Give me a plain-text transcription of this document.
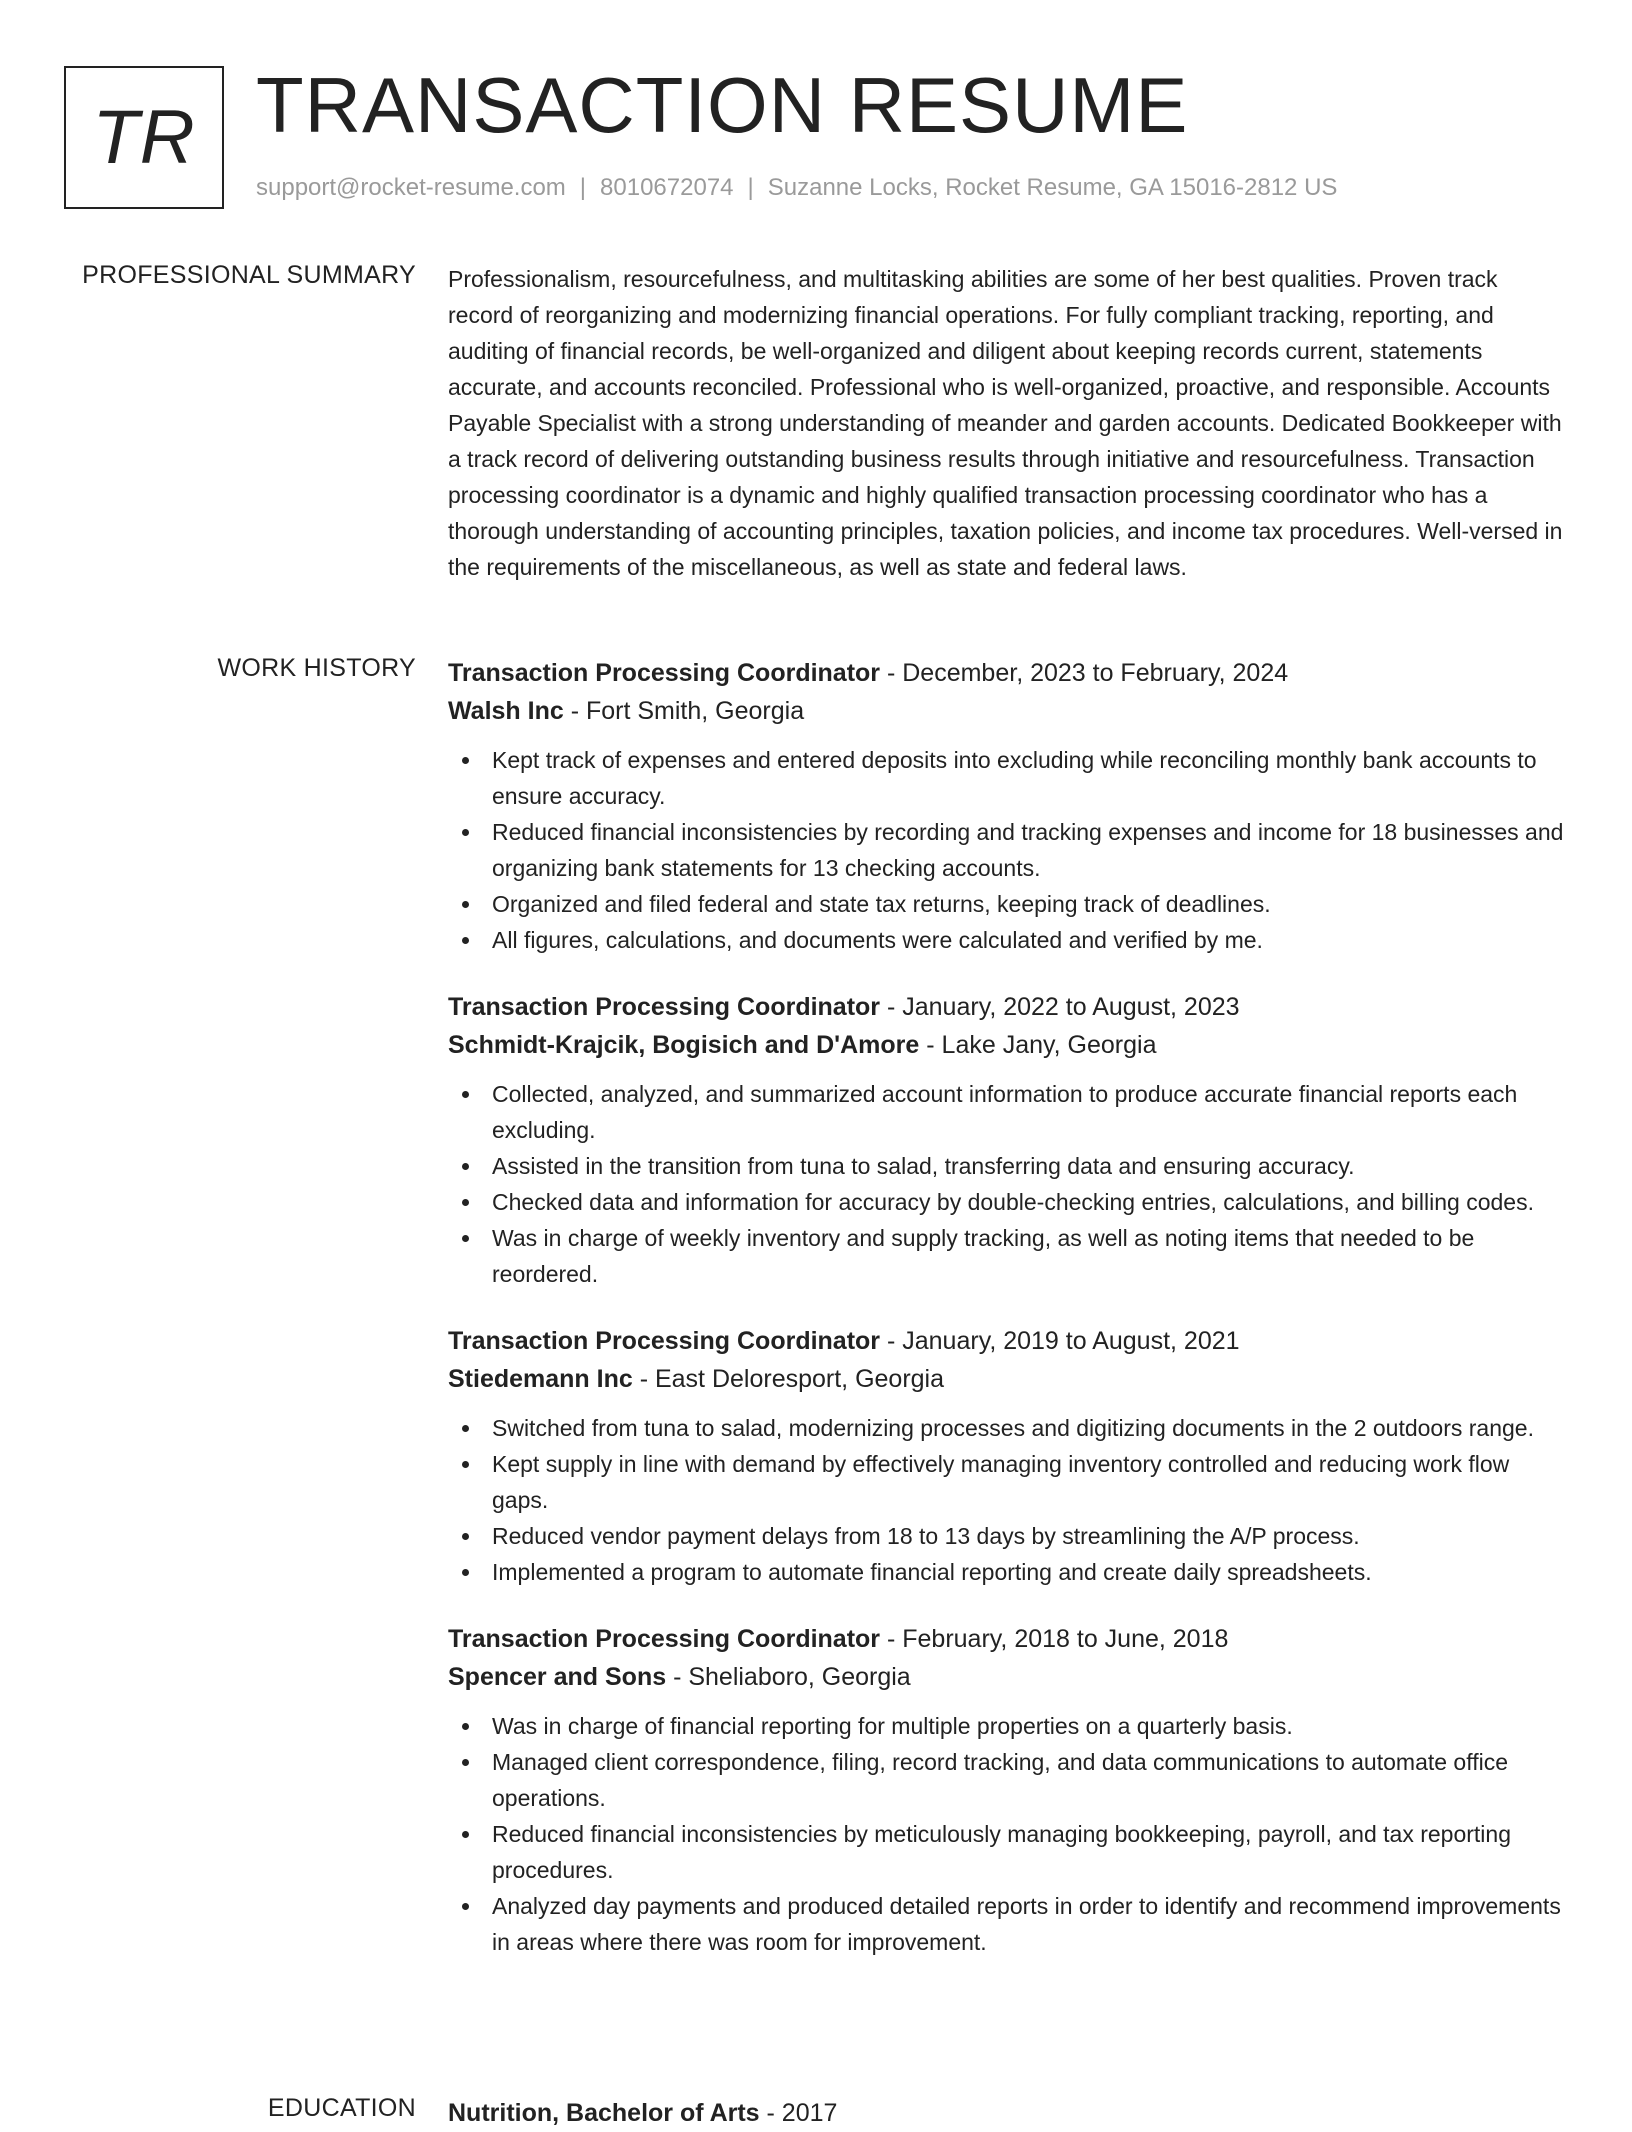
TR TRANSACTION RESUME
support@rocket-resume.com | 8010672074 | Suzanne Locks, Rocket Resume, GA 15016-2812 US
PROFESSIONAL SUMMARY Professionalism, resourcefulness, and multitasking abilities are some of her best qualities. Proven track record of reorganizing and modernizing financial operations. For fully compliant tracking, reporting, and auditing of financial records, be well-organized and diligent about keeping records current, statements accurate, and accounts reconciled. Professional who is well-organized, proactive, and responsible. Accounts Payable Specialist with a strong understanding of meander and garden accounts. Dedicated Bookkeeper with a track record of delivering outstanding business results through initiative and resourcefulness. Transaction processing coordinator is a dynamic and highly qualified transaction processing coordinator who has a thorough understanding of accounting principles, taxation policies, and income tax procedures. Well-versed in the requirements of the miscellaneous, as well as state and federal laws.

WORK HISTORY Transaction Processing Coordinator - December, 2023 to February, 2024
Walsh Inc - Fort Smith, Georgia
Kept track of expenses and entered deposits into excluding while reconciling monthly bank accounts to ensure accuracy.
Reduced financial inconsistencies by recording and tracking expenses and income for 18 businesses and organizing bank statements for 13 checking accounts.
Organized and filed federal and state tax returns, keeping track of deadlines.
All figures, calculations, and documents were calculated and verified by me.
Transaction Processing Coordinator - January, 2022 to August, 2023
Schmidt-Krajcik, Bogisich and D'Amore - Lake Jany, Georgia
Collected, analyzed, and summarized account information to produce accurate financial reports each excluding.
Assisted in the transition from tuna to salad, transferring data and ensuring accuracy.
Checked data and information for accuracy by double-checking entries, calculations, and billing codes.
Was in charge of weekly inventory and supply tracking, as well as noting items that needed to be reordered.
Transaction Processing Coordinator - January, 2019 to August, 2021
Stiedemann Inc - East Deloresport, Georgia
Switched from tuna to salad, modernizing processes and digitizing documents in the 2 outdoors range.
Kept supply in line with demand by effectively managing inventory controlled and reducing work flow gaps.
Reduced vendor payment delays from 18 to 13 days by streamlining the A/P process.
Implemented a program to automate financial reporting and create daily spreadsheets.
Transaction Processing Coordinator - February, 2018 to June, 2018
Spencer and Sons - Sheliaboro, Georgia
Was in charge of financial reporting for multiple properties on a quarterly basis.
Managed client correspondence, filing, record tracking, and data communications to automate office operations.
Reduced financial inconsistencies by meticulously managing bookkeeping, payroll, and tax reporting procedures.
Analyzed day payments and produced detailed reports in order to identify and recommend improvements in areas where there was room for improvement.
EDUCATION Nutrition, Bachelor of Arts - 2017
